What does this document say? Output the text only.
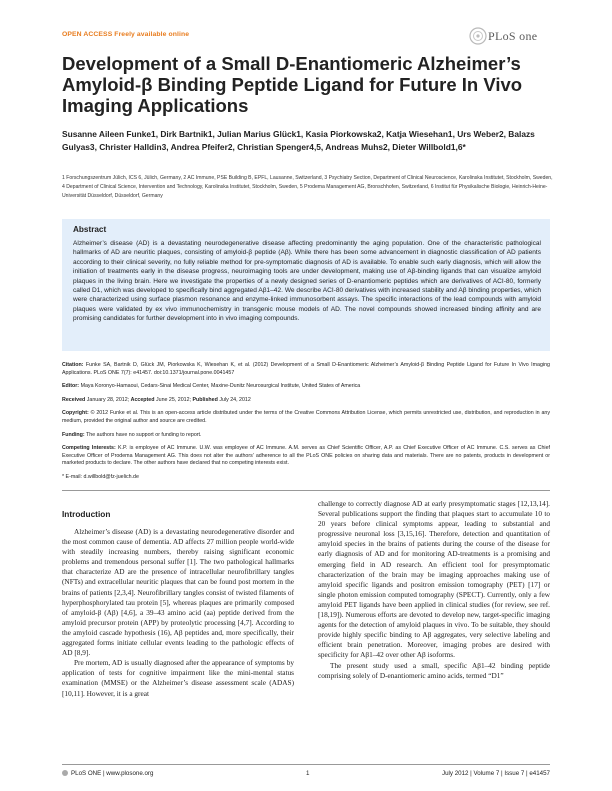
OPEN ACCESS Freely available online	PLoS one
Development of a Small D-Enantiomeric Alzheimer’s Amyloid-β Binding Peptide Ligand for Future In Vivo Imaging Applications
Susanne Aileen Funke1, Dirk Bartnik1, Julian Marius Glück1, Kasia Piorkowska2, Katja Wiesehan1, Urs Weber2, Balazs Gulyas3, Christer Halldin3, Andrea Pfeifer2, Christian Spenger4,5, Andreas Muhs2, Dieter Willbold1,6*
1 Forschungszentrum Jülich, ICS 6, Jülich, Germany, 2 AC Immune, PSE Building B, EPFL, Lausanne, Switzerland, 3 Psychiatry Section, Department of Clinical Neuroscience, Karolinska Institutet, Stockholm, Sweden, 4 Department of Clinical Science, Intervention and Technology, Karolinska Institutet, Stockholm, Sweden, 5 Prodema Management AG, Bronschhofen, Switzerland, 6 Institut für Physikalische Biologie, Heinrich-Heine-Universität Düsseldorf, Düsseldorf, Germany
Abstract
Alzheimer’s disease (AD) is a devastating neurodegenerative disease affecting predominantly the aging population. One of the characteristic pathological hallmarks of AD are neuritic plaques, consisting of amyloid-β peptide (Aβ). While there has been some advancement in diagnostic classification of AD patients according to their clinical severity, no fully reliable method for pre-symptomatic diagnosis of AD is available. To enable such early diagnosis, which will allow the initiation of treatments early in the disease progress, neuroimaging tools are under development, making use of Aβ-binding ligands that can visualize amyloid plaques in the living brain. Here we investigate the properties of a newly designed series of D-enantiomeric peptides which are derivatives of ACI-80, formerly called D1, which was developed to specifically bind aggregated Aβ1–42. We describe ACI-80 derivatives with increased stability and Aβ binding properties, which were characterized using surface plasmon resonance and enzyme-linked immunosorbent assays. The specific interactions of the lead compounds with amyloid plaques were validated by ex vivo immunochemistry in transgenic mouse models of AD. The novel compounds showed increased binding affinity and are promising candidates for further development into in vivo imaging compounds.

Citation: Funke SA, Bartnik D, Glück JM, Piorkowska K, Wiesehan K, et al. (2012) Development of a Small D-Enantiomeric Alzheimer’s Amyloid-β Binding Peptide Ligand for Future In Vivo Imaging Applications. PLoS ONE 7(7): e41457. doi:10.1371/journal.pone.0041457

Editor: Maya Koronyo-Hamaoui, Cedars-Sinai Medical Center, Maxine-Dunitz Neurosurgical Institute, United States of America

Received January 28, 2012; Accepted June 25, 2012; Published July 24, 2012

Copyright: © 2012 Funke et al. This is an open-access article distributed under the terms of the Creative Commons Attribution License, which permits unrestricted use, distribution, and reproduction in any medium, provided the original author and source are credited.

Funding: The authors have no support or funding to report.

Competing Interests: K.P. is employee of AC Immune. U.W. was employee of AC Immune. A.M. serves as Chief Scientific Officer, A.P. as Chief Executive Officer of AC Immune. C.S. serves as Chief Executive Officer of Prodema Management AG. This does not alter the authors’ adherence to all the PLoS ONE policies on sharing data and materials. There are no patents, products in development or marketed products to declare. The other authors have declared that no competing interests exist.

* E-mail: d.willbold@fz-juelich.de

Introduction

Alzheimer’s disease (AD) is a devastating neurodegenerative disorder and the most common cause of dementia. AD affects 27 million people world-wide with steadily increasing numbers, thereby raising significant economic problems and tremendous personal suffer [1]. The two pathological hallmarks that characterize AD are the presence of intracellular neurofibrillary tangles (NFTs) and extracellular neuritic plaques that can be found post mortem in the brains of patients [2,3,4]. Neurofibrillary tangles consist of twisted filaments of hyperphosphorylated tau protein [5], whereas plaques are primarily composed of amyloid-β (Aβ) [4,6], a 39–43 amino acid (aa) peptide derived from the amyloid precursor protein (APP) by proteolytic processing [4,7]. According to the amyloid cascade hypothesis (16), Aβ peptides and, more specifically, their aggregated forms initiate cellular events leading to the pathologic effects of AD [8,9].

Pre mortem, AD is usually diagnosed after the appearance of symptoms by application of tests for cognitive impairment like the mini-mental status examination (MMSE) or the Alzheimer’s disease assessment scale (ADAS) [10,11]. However, it is a great

challenge to correctly diagnose AD at early presymptomatic stages [12,13,14]. Several publications support the finding that plaques start to accumulate 10 to 20 years before clinical symptoms appear, leading to substantial and progressive neuronal loss [3,15,16]. Therefore, detection and quantitation of amyloid species in the brains of patients during the course of the disease for early diagnosis of AD and for monitoring AD-treatments is a promising and emerging field in AD research. An efficient tool for presymptomatic characterization of the brain may be imaging approaches making use of amyloid specific ligands and positron emission tomography (PET) [17] or single photon emission computed tomography (SPECT). Currently, only a few amyloid PET ligands have been applied in clinical studies (for review, see ref. [18,19]). Numerous efforts are devoted to develop new, target-specific imaging agents for the detection of amyloid plaques in vivo. To be suitable, they should provide highly specific binding to Aβ aggregates, very selective labeling and efficient brain penetration. Moreover, imaging probes are desired with specificity for Aβ1–42 over other Aβ isoforms.

The present study used a small, specific Aβ1–42 binding peptide comprising solely of D-enantiomeric amino acids, termed “D1”

PLoS ONE | www.plosone.org	1	July 2012 | Volume 7 | Issue 7 | e41457
